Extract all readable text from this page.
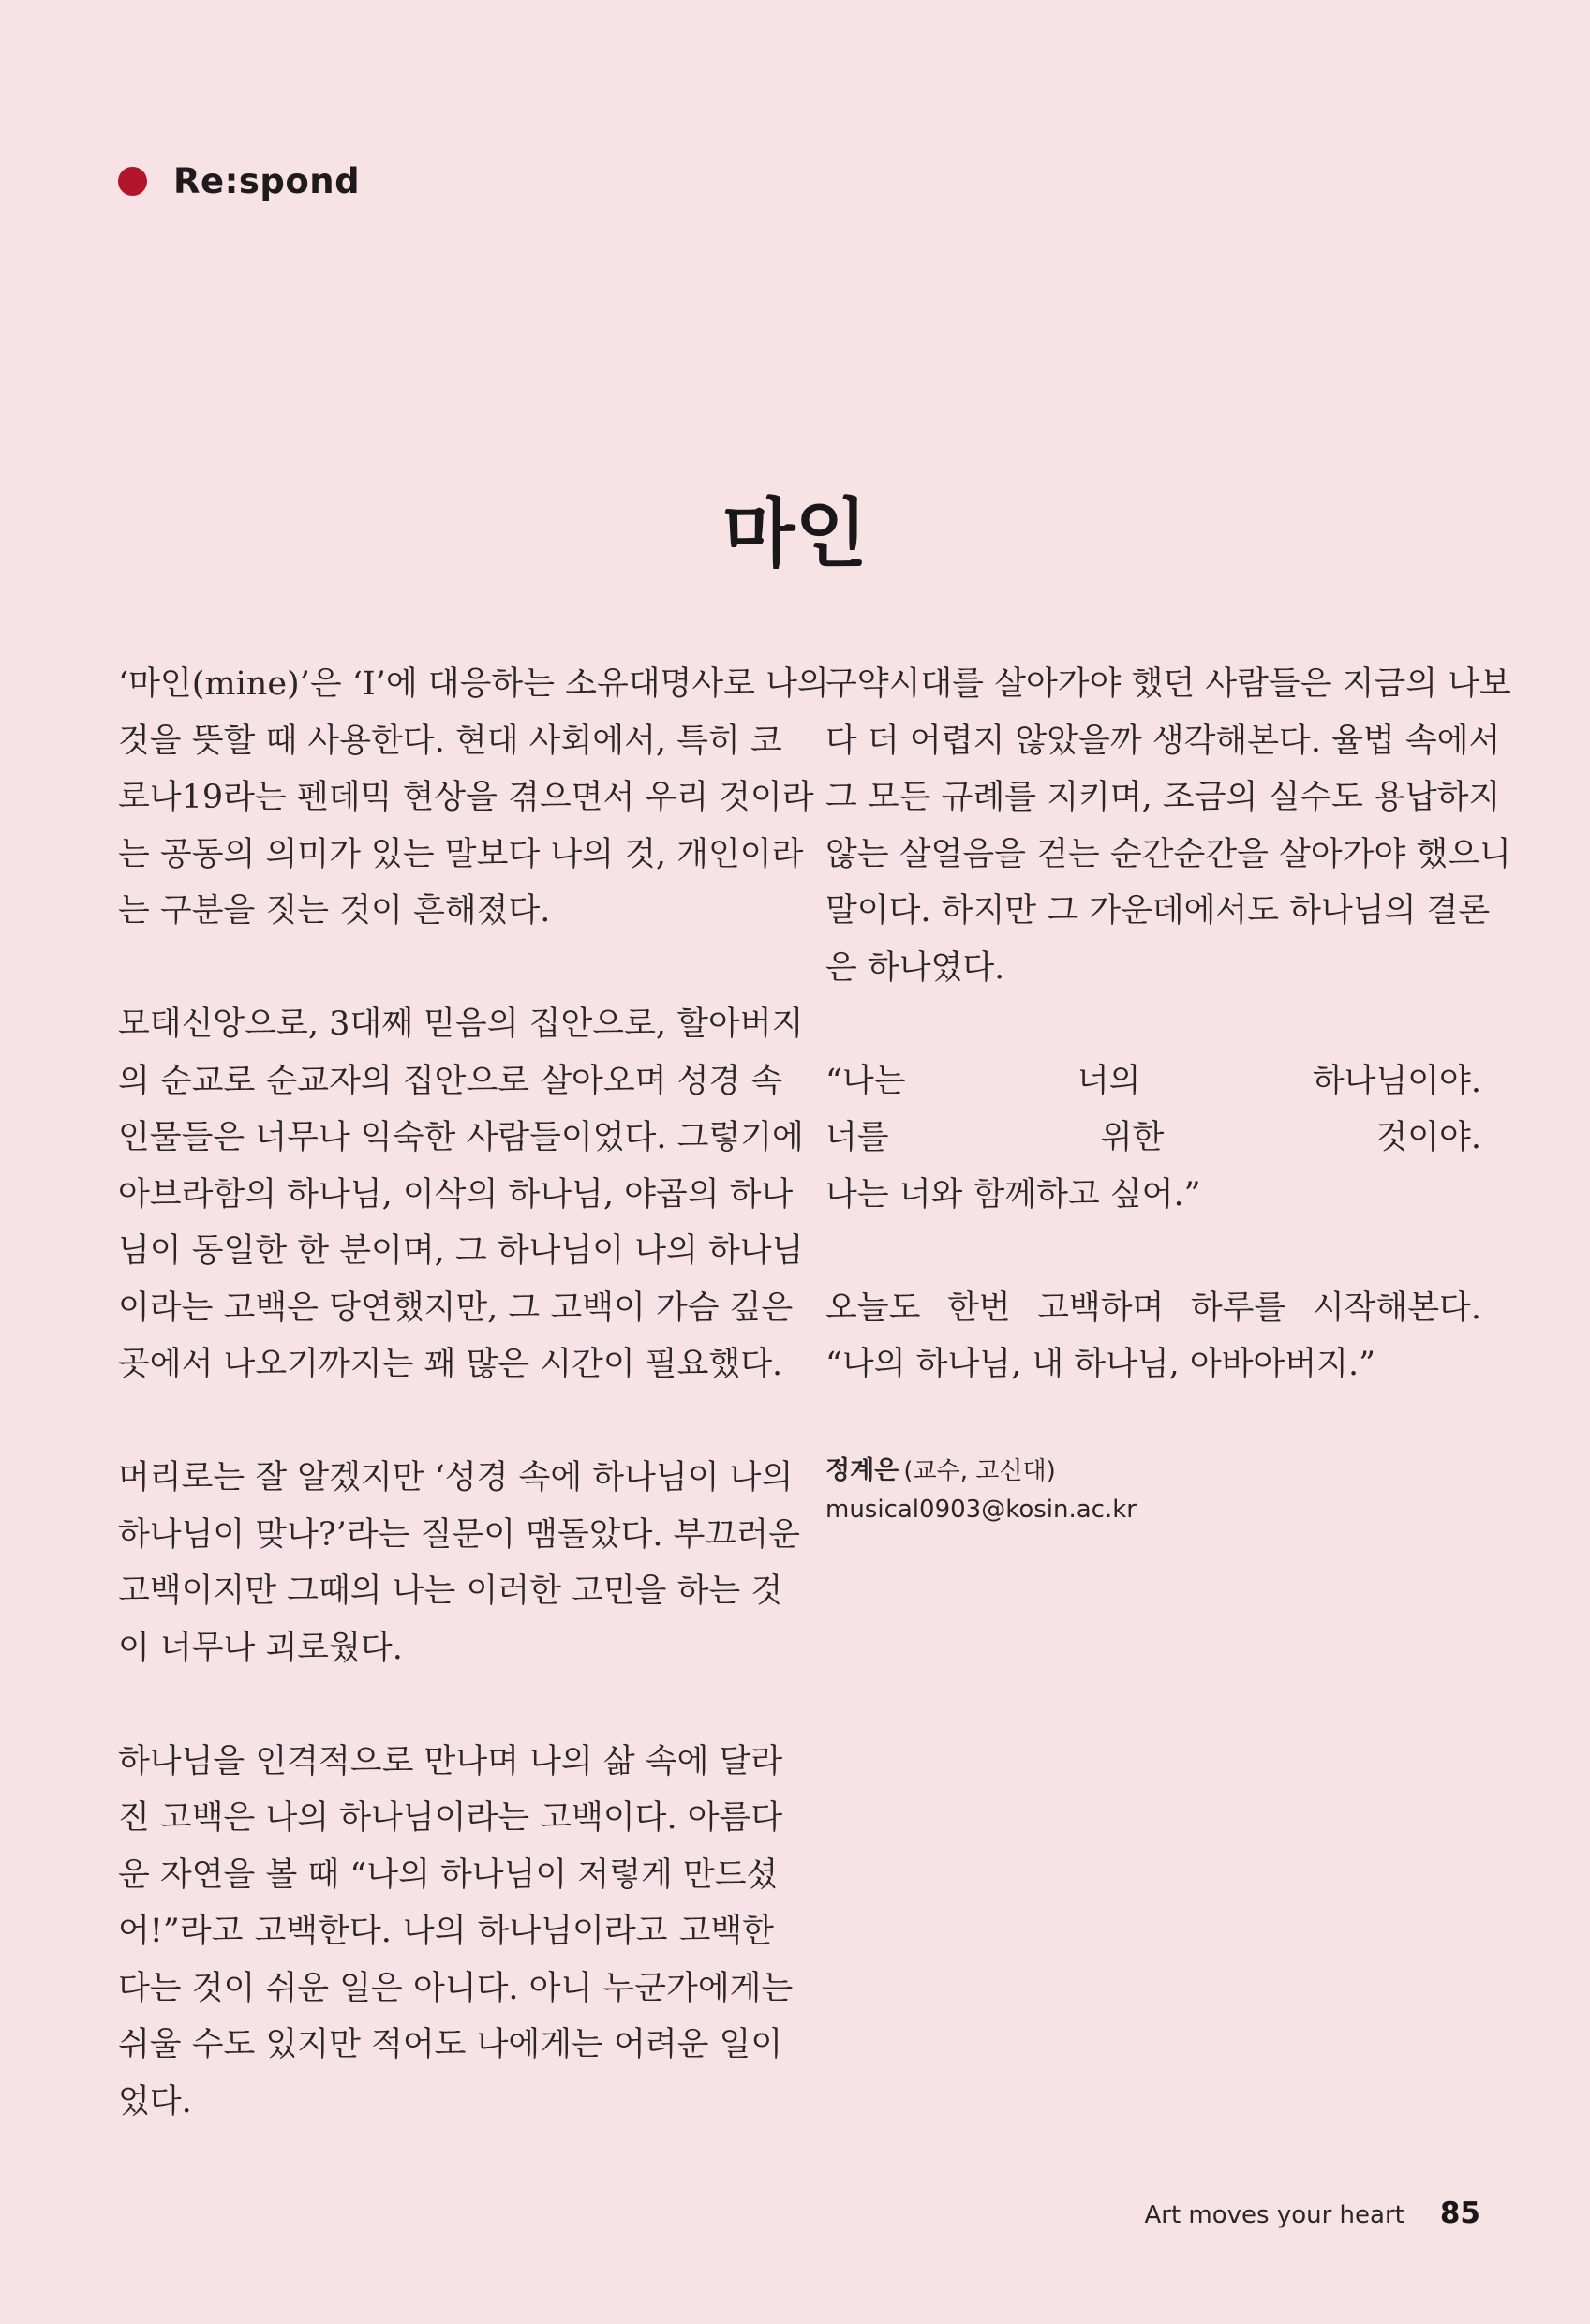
Re:spond
마인
‘마인(mine)’은 ‘I’에 대응하는 소유대명사로 나의
것을 뜻할 때 사용한다. 현대 사회에서, 특히 코
로나19라는 펜데믹 현상을 겪으면서 우리 것이라
는 공동의 의미가 있는 말보다 나의 것, 개인이라
는 구분을 짓는 것이 흔해졌다.
모태신앙으로, 3대째 믿음의 집안으로, 할아버지
의 순교로 순교자의 집안으로 살아오며 성경 속
인물들은 너무나 익숙한 사람들이었다. 그렇기에
아브라함의 하나님, 이삭의 하나님, 야곱의 하나
님이 동일한 한 분이며, 그 하나님이 나의 하나님
이라는 고백은 당연했지만, 그 고백이 가슴 깊은
곳에서 나오기까지는 꽤 많은 시간이 필요했다.
머리로는 잘 알겠지만 ‘성경 속에 하나님이 나의
하나님이 맞나?’라는 질문이 맴돌았다. 부끄러운
고백이지만 그때의 나는 이러한 고민을 하는 것
이 너무나 괴로웠다.
하나님을 인격적으로 만나며 나의 삶 속에 달라
진 고백은 나의 하나님이라는 고백이다. 아름다
운 자연을 볼 때 “나의 하나님이 저렇게 만드셨
어!”라고 고백한다. 나의 하나님이라고 고백한
다는 것이 쉬운 일은 아니다. 아니 누군가에게는
쉬울 수도 있지만 적어도 나에게는 어려운 일이
었다.
구약시대를 살아가야 했던 사람들은 지금의 나보
다 더 어렵지 않았을까 생각해본다. 율법 속에서
그 모든 규례를 지키며, 조금의 실수도 용납하지
않는 살얼음을 걷는 순간순간을 살아가야 했으니
말이다. 하지만 그 가운데에서도 하나님의 결론
은 하나였다.
“나는 너의 하나님이야.
너를 위한 것이야.
나는 너와 함께하고 싶어.”
오늘도 한번 고백하며 하루를 시작해본다.
“나의 하나님, 내 하나님, 아바아버지.”
정계은 (교수, 고신대)
musical0903@kosin.ac.kr
Art moves your heart 85
